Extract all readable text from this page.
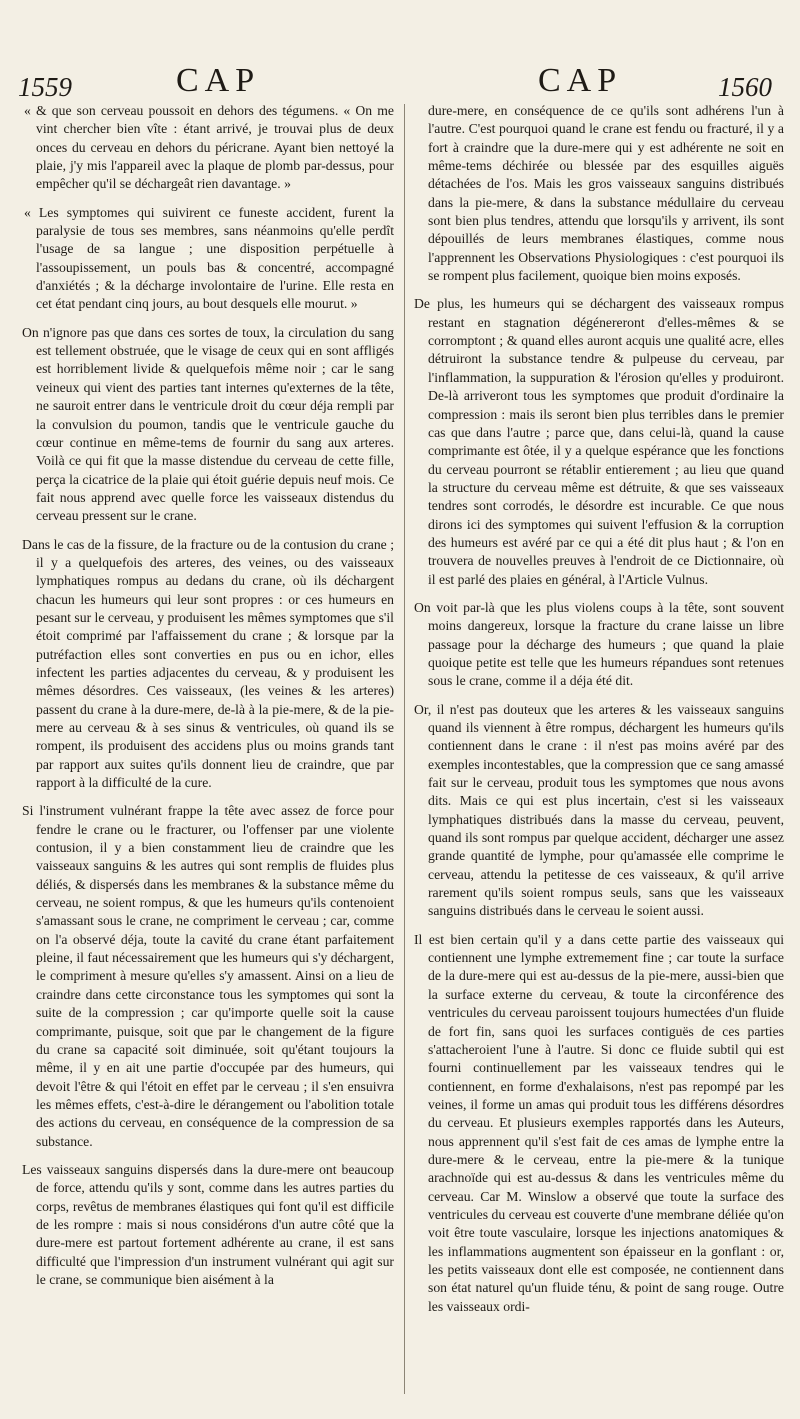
1559	CAP	CAP	1560

« & que son cerveau poussoit en dehors des tégumens. « On me vint chercher bien vîte : étant arrivé, je trouvai plus de deux onces du cerveau en dehors du péricrane. Ayant bien nettoyé la plaie, j'y mis l'appareil avec la plaque de plomb par-dessus, pour empêcher qu'il se déchargeât rien davantage. »

« Les symptomes qui suivirent ce funeste accident, furent la paralysie de tous ses membres, sans néanmoins qu'elle perdît l'usage de sa langue ; une disposition perpétuelle à l'assoupissement, un pouls bas & concentré, accompagné d'anxiétés ; & la décharge involontaire de l'urine. Elle resta en cet état pendant cinq jours, au bout desquels elle mourut. »

On n'ignore pas que dans ces sortes de toux, la circulation du sang est tellement obstruée, que le visage de ceux qui en sont affligés est horriblement livide & quelquefois même noir ; car le sang veineux qui vient des parties tant internes qu'externes de la tête, ne sauroit entrer dans le ventricule droit du cœur déja rempli par la convulsion du poumon, tandis que le ventricule gauche du cœur continue en même-tems de fournir du sang aux arteres. Voilà ce qui fit que la masse distendue du cerveau de cette fille, perça la cicatrice de la plaie qui étoit guérie depuis neuf mois. Ce fait nous apprend avec quelle force les vaisseaux distendus du cerveau pressent sur le crane.

Dans le cas de la fissure, de la fracture ou de la contusion du crane ; il y a quelquefois des arteres, des veines, ou des vaisseaux lymphatiques rompus au dedans du crane, où ils déchargent chacun les humeurs qui leur sont propres : or ces humeurs en pesant sur le cerveau, y produisent les mêmes symptomes que s'il étoit comprimé par l'affaissement du crane ; & lorsque par la putréfaction elles sont converties en pus ou en ichor, elles infectent les parties adjacentes du cerveau, & y produisent les mêmes désordres. Ces vaisseaux, (les veines & les arteres) passent du crane à la dure-mere, de-là à la pie-mere, & de la pie-mere au cerveau & à ses sinus & ventricules, où quand ils se rompent, ils produisent des accidens plus ou moins grands tant par rapport aux suites qu'ils donnent lieu de craindre, que par rapport à la difficulté de la cure.

Si l'instrument vulnérant frappe la tête avec assez de force pour fendre le crane ou le fracturer, ou l'offenser par une violente contusion, il y a bien constamment lieu de craindre que les vaisseaux sanguins & les autres qui sont remplis de fluides plus déliés, & dispersés dans les membranes & la substance même du cerveau, ne soient rompus, & que les humeurs qu'ils contenoient s'amassant sous le crane, ne compriment le cerveau ; car, comme on l'a observé déja, toute la cavité du crane étant parfaitement pleine, il faut nécessairement que les humeurs qui s'y déchargent, le compriment à mesure qu'elles s'y amassent. Ainsi on a lieu de craindre dans cette circonstance tous les symptomes qui sont la suite de la compression ; car qu'importe quelle soit la cause comprimante, puisque, soit que par le changement de la figure du crane sa capacité soit diminuée, soit qu'étant toujours la même, il y en ait une partie d'occupée par des humeurs, qui devoit l'être & qui l'étoit en effet par le cerveau ; il s'en ensuivra les mêmes effets, c'est-à-dire le dérangement ou l'abolition totale des actions du cerveau, en conséquence de la compression de sa substance.

Les vaisseaux sanguins dispersés dans la dure-mere ont beaucoup de force, attendu qu'ils y sont, comme dans les autres parties du corps, revêtus de membranes élastiques qui font qu'il est difficile de les rompre : mais si nous considérons d'un autre côté que la dure-mere est partout fortement adhérente au crane, il est sans difficulté que l'impression d'un instrument vulnérant qui agit sur le crane, se communique bien aisément à la

dure-mere, en conséquence de ce qu'ils sont adhérens l'un à l'autre. C'est pourquoi quand le crane est fendu ou fracturé, il y a fort à craindre que la dure-mere qui y est adhérente ne soit en même-tems déchirée ou blessée par des esquilles aiguës détachées de l'os. Mais les gros vaisseaux sanguins distribués dans la pie-mere, & dans la substance médullaire du cerveau sont bien plus tendres, attendu que lorsqu'ils y arrivent, ils sont dépouillés de leurs membranes élastiques, comme nous l'apprennent les Observations Physiologiques : c'est pourquoi ils se rompent plus facilement, quoique bien moins exposés.

De plus, les humeurs qui se déchargent des vaisseaux rompus restant en stagnation dégénereront d'elles-mêmes & se corromptont ; & quand elles auront acquis une qualité acre, elles détruiront la substance tendre & pulpeuse du cerveau, par l'inflammation, la suppuration & l'érosion qu'elles y produiront. De-là arriveront tous les symptomes que produit d'ordinaire la compression : mais ils seront bien plus terribles dans le premier cas que dans l'autre ; parce que, dans celui-là, quand la cause comprimante est ôtée, il y a quelque espérance que les fonctions du cerveau pourront se rétablir entierement ; au lieu que quand la structure du cerveau même est détruite, & que ses vaisseaux tendres sont corrodés, le désordre est incurable. Ce que nous dirons ici des symptomes qui suivent l'effusion & la corruption des humeurs est avéré par ce qui a été dit plus haut ; & l'on en trouvera de nouvelles preuves à l'endroit de ce Dictionnaire, où il est parlé des plaies en général, à l'Article Vulnus.

On voit par-là que les plus violens coups à la tête, sont souvent moins dangereux, lorsque la fracture du crane laisse un libre passage pour la décharge des humeurs ; que quand la plaie quoique petite est telle que les humeurs répandues sont retenues sous le crane, comme il a déja été dit.

Or, il n'est pas douteux que les arteres & les vaisseaux sanguins quand ils viennent à être rompus, déchargent les humeurs qu'ils contiennent dans le crane : il n'est pas moins avéré par des exemples incontestables, que la compression que ce sang amassé fait sur le cerveau, produit tous les symptomes que nous avons dits. Mais ce qui est plus incertain, c'est si les vaisseaux lymphatiques distribués dans la masse du cerveau, peuvent, quand ils sont rompus par quelque accident, décharger une assez grande quantité de lymphe, pour qu'amassée elle comprime le cerveau, attendu la petitesse de ces vaisseaux, & qu'il arrive rarement qu'ils soient rompus seuls, sans que les vaisseaux sanguins distribués dans le cerveau le soient aussi.

Il est bien certain qu'il y a dans cette partie des vaisseaux qui contiennent une lymphe extremement fine ; car toute la surface de la dure-mere qui est au-dessus de la pie-mere, aussi-bien que la surface externe du cerveau, & toute la circonférence des ventricules du cerveau paroissent toujours humectées d'un fluide de fort fin, sans quoi les surfaces contiguës de ces parties s'attacheroient l'une à l'autre. Si donc ce fluide subtil qui est fourni continuellement par les vaisseaux tendres qui le contiennent, en forme d'exhalaisons, n'est pas repompé par les veines, il forme un amas qui produit tous les différens désordres du cerveau. Et plusieurs exemples rapportés dans les Auteurs, nous apprennent qu'il s'est fait de ces amas de lymphe entre la dure-mere & le cerveau, entre la pie-mere & la tunique arachnoïde qui est au-dessus & dans les ventricules même du cerveau. Car M. Winslow a observé que toute la surface des ventricules du cerveau est couverte d'une membrane déliée qu'on voit être toute vasculaire, lorsque les injections anatomiques & les inflammations augmentent son épaisseur en la gonflant : or, les petits vaisseaux dont elle est composée, ne contiennent dans son état naturel qu'un fluide ténu, & point de sang rouge. Outre les vaisseaux ordi-
